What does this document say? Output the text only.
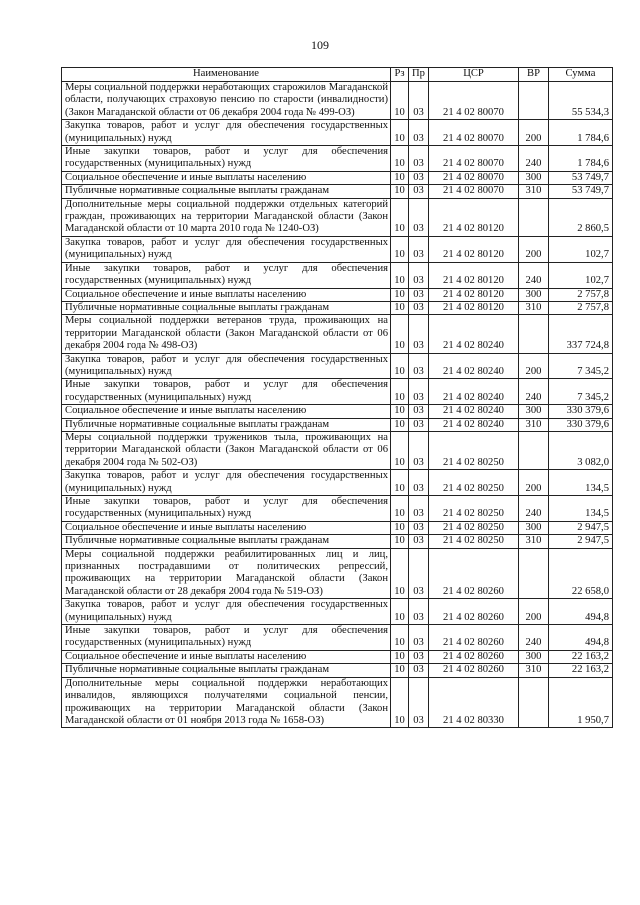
109
Наименование	Рз	Пр	ЦСР	ВР	Сумма
Меры социальной поддержки неработающих старожилов Магаданской области, получающих страховую пенсию по старости (инвалидности) (Закон Магаданской области от 06 декабря 2004 года № 499-ОЗ)	10	03	21 4 02 80070		55 534,3
Закупка товаров, работ и услуг для обеспечения государственных (муниципальных) нужд	10	03	21 4 02 80070	200	1 784,6
Иные закупки товаров, работ и услуг для обеспечения государственных (муниципальных) нужд	10	03	21 4 02 80070	240	1 784,6
Социальное обеспечение и иные выплаты населению	10	03	21 4 02 80070	300	53 749,7
Публичные нормативные социальные выплаты гражданам	10	03	21 4 02 80070	310	53 749,7
Дополнительные меры социальной поддержки отдельных категорий граждан, проживающих на территории Магаданской области (Закон Магаданской области от 10 марта 2010 года № 1240-ОЗ)	10	03	21 4 02 80120		2 860,5
Закупка товаров, работ и услуг для обеспечения государственных (муниципальных) нужд	10	03	21 4 02 80120	200	102,7
Иные закупки товаров, работ и услуг для обеспечения государственных (муниципальных) нужд	10	03	21 4 02 80120	240	102,7
Социальное обеспечение и иные выплаты населению	10	03	21 4 02 80120	300	2 757,8
Публичные нормативные социальные выплаты гражданам	10	03	21 4 02 80120	310	2 757,8
Меры социальной поддержки ветеранов труда, проживающих на территории Магаданской области (Закон Магаданской области от 06 декабря 2004 года № 498-ОЗ)	10	03	21 4 02 80240		337 724,8
Закупка товаров, работ и услуг для обеспечения государственных (муниципальных) нужд	10	03	21 4 02 80240	200	7 345,2
Иные закупки товаров, работ и услуг для обеспечения государственных (муниципальных) нужд	10	03	21 4 02 80240	240	7 345,2
Социальное обеспечение и иные выплаты населению	10	03	21 4 02 80240	300	330 379,6
Публичные нормативные социальные выплаты гражданам	10	03	21 4 02 80240	310	330 379,6
Меры социальной поддержки тружеников тыла, проживающих на территории Магаданской области (Закон Магаданской области от 06 декабря 2004 года № 502-ОЗ)	10	03	21 4 02 80250		3 082,0
Закупка товаров, работ и услуг для обеспечения государственных (муниципальных) нужд	10	03	21 4 02 80250	200	134,5
Иные закупки товаров, работ и услуг для обеспечения государственных (муниципальных) нужд	10	03	21 4 02 80250	240	134,5
Социальное обеспечение и иные выплаты населению	10	03	21 4 02 80250	300	2 947,5
Публичные нормативные социальные выплаты гражданам	10	03	21 4 02 80250	310	2 947,5
Меры социальной поддержки реабилитированных лиц и лиц, признанных пострадавшими от политических репрессий, проживающих на территории Магаданской области (Закон Магаданской области от 28 декабря 2004 года № 519-ОЗ)	10	03	21 4 02 80260		22 658,0
Закупка товаров, работ и услуг для обеспечения государственных (муниципальных) нужд	10	03	21 4 02 80260	200	494,8
Иные закупки товаров, работ и услуг для обеспечения государственных (муниципальных) нужд	10	03	21 4 02 80260	240	494,8
Социальное обеспечение и иные выплаты населению	10	03	21 4 02 80260	300	22 163,2
Публичные нормативные социальные выплаты гражданам	10	03	21 4 02 80260	310	22 163,2
Дополнительные меры социальной поддержки неработающих инвалидов, являющихся получателями социальной пенсии, проживающих на территории Магаданской области (Закон Магаданской области от 01 ноября 2013 года № 1658-ОЗ)	10	03	21 4 02 80330		1 950,7
